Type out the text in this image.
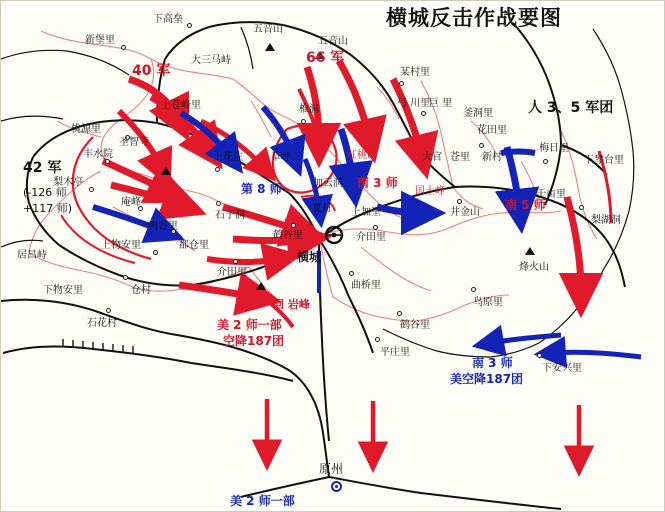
横城反击作战要图
下高垒
新堡里
五音山
五音山
大三马峙
某村里
上苍峰里	椎洞
弓 川里
巨 里
釜洞里
桃源里
圣智寺
花田里
梅日里
丰水院	上花佐	草坪	红桃山	大官 苍里 新村	下琴台里
梨木亭	加云洞
国土峰	于亩里
庵峰
石子洞
夏月 上加里	井金山
梨湖洞
鸭谷里
鹤谷里	介田里
上物安里	都仓里
居昌峙	横城
烽火山
介田里
下物安里	仓村	曲桥里
鸟原里
石花村	鹤谷里
平庄里
下安兴里
原州
40 军
66 军
南 3 师
南 5 师
美 2 师一部
空降187团
回 岩峰
第 8 师
南 3 师
美空降187团
美 2 师一部
42 军
(-126 师
+117 师)
人 3、5 军团
